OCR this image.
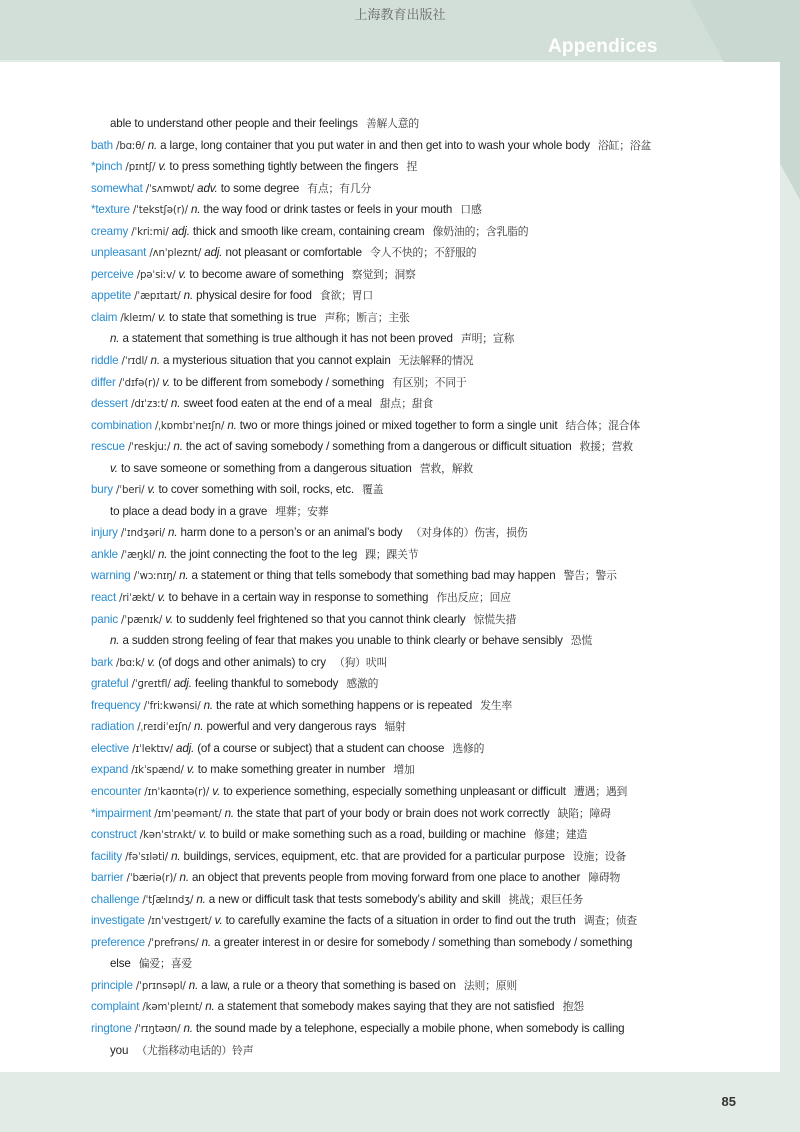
上海教育出版社
Appendices
able to understand other people and their feelings 善解人意的
bath /bɑːθ/ n. a large, long container that you put water in and then get into to wash your whole body 浴缸；浴盆
*pinch /pɪntʃ/ v. to press something tightly between the fingers 捏
somewhat /ˈsʌmwɒt/ adv. to some degree 有点；有几分
*texture /ˈtekstʃə(r)/ n. the way food or drink tastes or feels in your mouth 口感
creamy /ˈkriːmi/ adj. thick and smooth like cream, containing cream 像奶油的；含乳脂的
unpleasant /ʌnˈpleznt/ adj. not pleasant or comfortable 令人不快的；不舒服的
perceive /pəˈsiːv/ v. to become aware of something 察觉到；洞察
appetite /ˈæpɪtaɪt/ n. physical desire for food 食欲；胃口
claim /kleɪm/ v. to state that something is true 声称；断言；主张
n. a statement that something is true although it has not been proved 声明；宣称
riddle /ˈrɪdl/ n. a mysterious situation that you cannot explain 无法解释的情况
differ /ˈdɪfə(r)/ v. to be different from somebody / something 有区别；不同于
dessert /dɪˈzɜːt/ n. sweet food eaten at the end of a meal 甜点；甜食
combination /ˌkɒmbɪˈneɪʃn/ n. two or more things joined or mixed together to form a single unit 结合体；混合体
rescue /ˈreskjuː/ n. the act of saving somebody / something from a dangerous or difficult situation 救援；营救
v. to save someone or something from a dangerous situation 营救，解救
bury /ˈberi/ v. to cover something with soil, rocks, etc. 覆盖
to place a dead body in a grave 埋葬；安葬
injury /ˈɪndʒəri/ n. harm done to a person’s or an animal’s body （对身体的）伤害，损伤
ankle /ˈæŋkl/ n. the joint connecting the foot to the leg 踝；踝关节
warning /ˈwɔːnɪŋ/ n. a statement or thing that tells somebody that something bad may happen 警告；警示
react /riˈækt/ v. to behave in a certain way in response to something 作出反应；回应
panic /ˈpænɪk/ v. to suddenly feel frightened so that you cannot think clearly 惊慌失措
n. a sudden strong feeling of fear that makes you unable to think clearly or behave sensibly 恐慌
bark /bɑːk/ v. (of dogs and other animals) to cry （狗）吠叫
grateful /ˈɡreɪtfl/ adj. feeling thankful to somebody 感激的
frequency /ˈfriːkwənsi/ n. the rate at which something happens or is repeated 发生率
radiation /ˌreɪdiˈeɪʃn/ n. powerful and very dangerous rays 辐射
elective /ɪˈlektɪv/ adj. (of a course or subject) that a student can choose 选修的
expand /ɪkˈspænd/ v. to make something greater in number 增加
encounter /ɪnˈkaʊntə(r)/ v. to experience something, especially something unpleasant or difficult 遭遇；遇到
*impairment /ɪmˈpeəmənt/ n. the state that part of your body or brain does not work correctly 缺陷；障碍
construct /kənˈstrʌkt/ v. to build or make something such as a road, building or machine 修建；建造
facility /fəˈsɪləti/ n. buildings, services, equipment, etc. that are provided for a particular purpose 设施；设备
barrier /ˈbæriə(r)/ n. an object that prevents people from moving forward from one place to another 障碍物
challenge /ˈtʃælɪndʒ/ n. a new or difficult task that tests somebody’s ability and skill 挑战；艰巨任务
investigate /ɪnˈvestɪɡeɪt/ v. to carefully examine the facts of a situation in order to find out the truth 调查；侦查
preference /ˈprefrəns/ n. a greater interest in or desire for somebody / something than somebody / something
else 偏爱；喜爱
principle /ˈprɪnsəpl/ n. a law, a rule or a theory that something is based on 法则；原则
complaint /kəmˈpleɪnt/ n. a statement that somebody makes saying that they are not satisfied 抱怨
ringtone /ˈrɪŋtəʊn/ n. the sound made by a telephone, especially a mobile phone, when somebody is calling
you （尤指移动电话的）铃声
85
